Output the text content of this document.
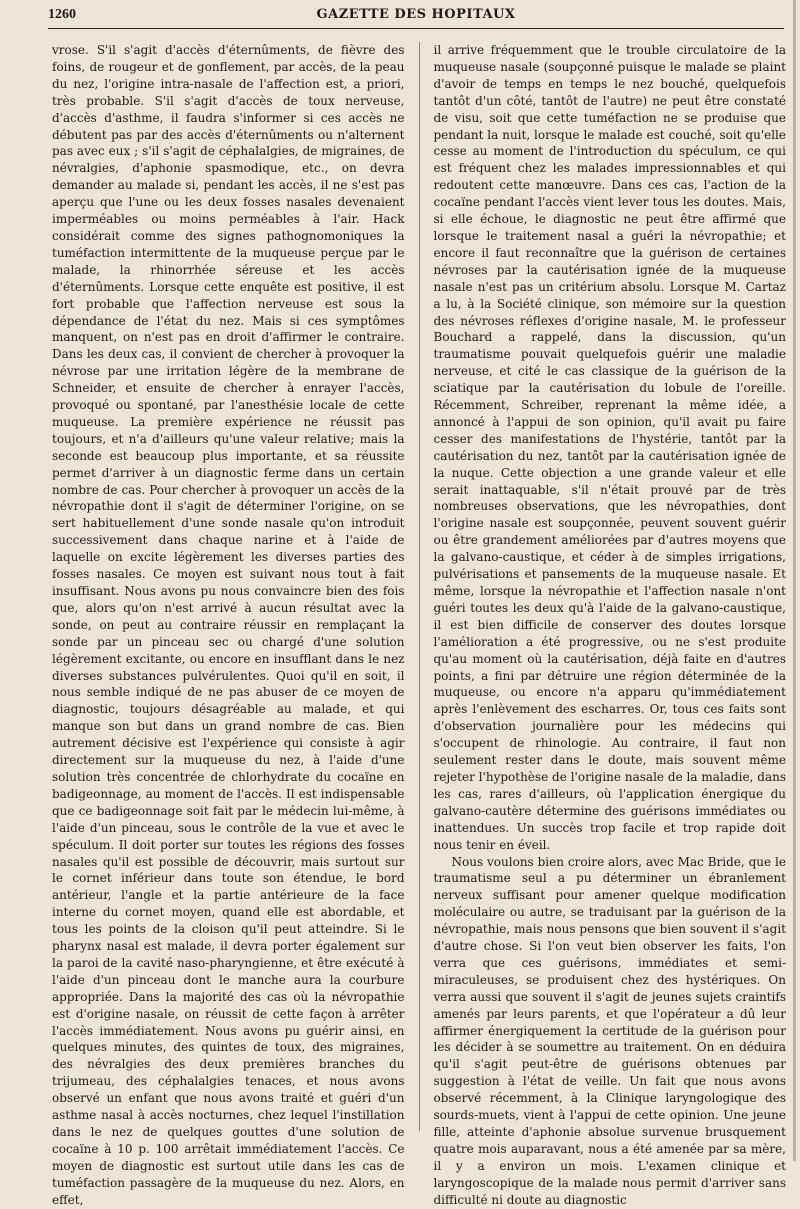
1260	GAZETTE DES HOPITAUX

vrose. S'il s'agit d'accès d'éternûments, de fièvre des foins, de rougeur et de gonflement, par accès, de la peau du nez, l'origine intra-nasale de l'affection est, a priori, très probable. S'il s'agit d'accès de toux nerveuse, d'accès d'asthme, il faudra s'informer si ces accès ne débutent pas par des accès d'éternûments ou n'alternent pas avec eux ; s'il s'agit de céphalalgies, de migraines, de névralgies, d'aphonie spasmodique, etc., on devra demander au malade si, pendant les accès, il ne s'est pas aperçu que l'une ou les deux fosses nasales devenaient imperméables ou moins perméables à l'air. Hack considérait comme des signes pathognomoniques la tuméfaction intermittente de la muqueuse perçue par le malade, la rhinorrhée séreuse et les accès d'éternûments. Lorsque cette enquête est positive, il est fort probable que l'affection nerveuse est sous la dépendance de l'état du nez. Mais si ces symptômes manquent, on n'est pas en droit d'affirmer le contraire. Dans les deux cas, il convient de chercher à provoquer la névrose par une irritation légère de la membrane de Schneider, et ensuite de chercher à enrayer l'accès, provoqué ou spontané, par l'anesthésie locale de cette muqueuse. La première expérience ne réussit pas toujours, et n'a d'ailleurs qu'une valeur relative; mais la seconde est beaucoup plus importante, et sa réussite permet d'arriver à un diagnostic ferme dans un certain nombre de cas. Pour chercher à provoquer un accès de la névropathie dont il s'agit de déterminer l'origine, on se sert habituellement d'une sonde nasale qu'on introduit successivement dans chaque narine et à l'aide de laquelle on excite légèrement les diverses parties des fosses nasales. Ce moyen est suivant nous tout à fait insuffisant. Nous avons pu nous convaincre bien des fois que, alors qu'on n'est arrivé à aucun résultat avec la sonde, on peut au contraire réussir en remplaçant la sonde par un pinceau sec ou chargé d'une solution légèrement excitante, ou encore en insufflant dans le nez diverses substances pulvérulentes. Quoi qu'il en soit, il nous semble indiqué de ne pas abuser de ce moyen de diagnostic, toujours désagréable au malade, et qui manque son but dans un grand nombre de cas. Bien autrement décisive est l'expérience qui consiste à agir directement sur la muqueuse du nez, à l'aide d'une solution très concentrée de chlorhydrate du cocaïne en badigeonnage, au moment de l'accès. Il est indispensable que ce badigeonnage soit fait par le médecin lui-même, à l'aide d'un pinceau, sous le contrôle de la vue et avec le spéculum. Il doit porter sur toutes les régions des fosses nasales qu'il est possible de découvrir, mais surtout sur le cornet inférieur dans toute son étendue, le bord antérieur, l'angle et la partie antérieure de la face interne du cornet moyen, quand elle est abordable, et tous les points de la cloison qu'il peut atteindre. Si le pharynx nasal est malade, il devra porter également sur la paroi de la cavité naso-pharyngienne, et être exécuté à l'aide d'un pinceau dont le manche aura la courbure appropriée. Dans la majorité des cas où la névropathie est d'origine nasale, on réussit de cette façon à arrêter l'accès immédiatement. Nous avons pu guérir ainsi, en quelques minutes, des quintes de toux, des migraines, des névralgies des deux premières branches du trijumeau, des céphalalgies tenaces, et nous avons observé un enfant que nous avons traité et guéri d'un asthme nasal à accès nocturnes, chez lequel l'instillation dans le nez de quelques gouttes d'une solution de cocaïne à 10 p. 100 arrêtait immédiatement l'accès. Ce moyen de diagnostic est surtout utile dans les cas de tuméfaction passagère de la muqueuse du nez. Alors, en effet,

il arrive fréquemment que le trouble circulatoire de la muqueuse nasale (soupçonné puisque le malade se plaint d'avoir de temps en temps le nez bouché, quelquefois tantôt d'un côté, tantôt de l'autre) ne peut être constaté de visu, soit que cette tuméfaction ne se produise que pendant la nuit, lorsque le malade est couché, soit qu'elle cesse au moment de l'introduction du spéculum, ce qui est fréquent chez les malades impressionnables et qui redoutent cette manœuvre. Dans ces cas, l'action de la cocaïne pendant l'accès vient lever tous les doutes. Mais, si elle échoue, le diagnostic ne peut être affirmé que lorsque le traitement nasal a guéri la névropathie; et encore il faut reconnaître que la guérison de certaines névroses par la cautérisation ignée de la muqueuse nasale n'est pas un critérium absolu. Lorsque M. Cartaz a lu, à la Société clinique, son mémoire sur la question des névroses réflexes d'origine nasale, M. le professeur Bouchard a rappelé, dans la discussion, qu'un traumatisme pouvait quelquefois guérir une maladie nerveuse, et cité le cas classique de la guérison de la sciatique par la cautérisation du lobule de l'oreille. Récemment, Schreiber, reprenant la même idée, a annoncé à l'appui de son opinion, qu'il avait pu faire cesser des manifestations de l'hystérie, tantôt par la cautérisation du nez, tantôt par la cautérisation ignée de la nuque. Cette objection a une grande valeur et elle serait inattaquable, s'il n'était prouvé par de très nombreuses observations, que les névropathies, dont l'origine nasale est soupçonnée, peuvent souvent guérir ou être grandement améliorées par d'autres moyens que la galvano-caustique, et céder à de simples irrigations, pulvérisations et pansements de la muqueuse nasale. Et même, lorsque la névropathie et l'affection nasale n'ont guéri toutes les deux qu'à l'aide de la galvano-caustique, il est bien difficile de conserver des doutes lorsque l'amélioration a été progressive, ou ne s'est produite qu'au moment où la cautérisation, déjà faite en d'autres points, a fini par détruire une région déterminée de la muqueuse, ou encore n'a apparu qu'immédiatement après l'enlèvement des escharres. Or, tous ces faits sont d'observation journalière pour les médecins qui s'occupent de rhinologie. Au contraire, il faut non seulement rester dans le doute, mais souvent même rejeter l'hypothèse de l'origine nasale de la maladie, dans les cas, rares d'ailleurs, où l'application énergique du galvano-cautère détermine des guérisons immédiates ou inattendues. Un succès trop facile et trop rapide doit nous tenir en éveil.

Nous voulons bien croire alors, avec Mac Bride, que le traumatisme seul a pu déterminer un ébranlement nerveux suffisant pour amener quelque modification moléculaire ou autre, se traduisant par la guérison de la névropathie, mais nous pensons que bien souvent il s'agit d'autre chose. Si l'on veut bien observer les faits, l'on verra que ces guérisons, immédiates et semi-miraculeuses, se produisent chez des hystériques. On verra aussi que souvent il s'agit de jeunes sujets craintifs amenés par leurs parents, et que l'opérateur a dû leur affirmer énergiquement la certitude de la guérison pour les décider à se soumettre au traitement. On en déduira qu'il s'agit peut-être de guérisons obtenues par suggestion à l'état de veille. Un fait que nous avons observé récemment, à la Clinique laryngologique des sourds-muets, vient à l'appui de cette opinion. Une jeune fille, atteinte d'aphonie absolue survenue brusquement quatre mois auparavant, nous a été amenée par sa mère, il y a environ un mois. L'examen clinique et laryngoscopique de la malade nous permit d'arriver sans difficulté ni doute au diagnostic
